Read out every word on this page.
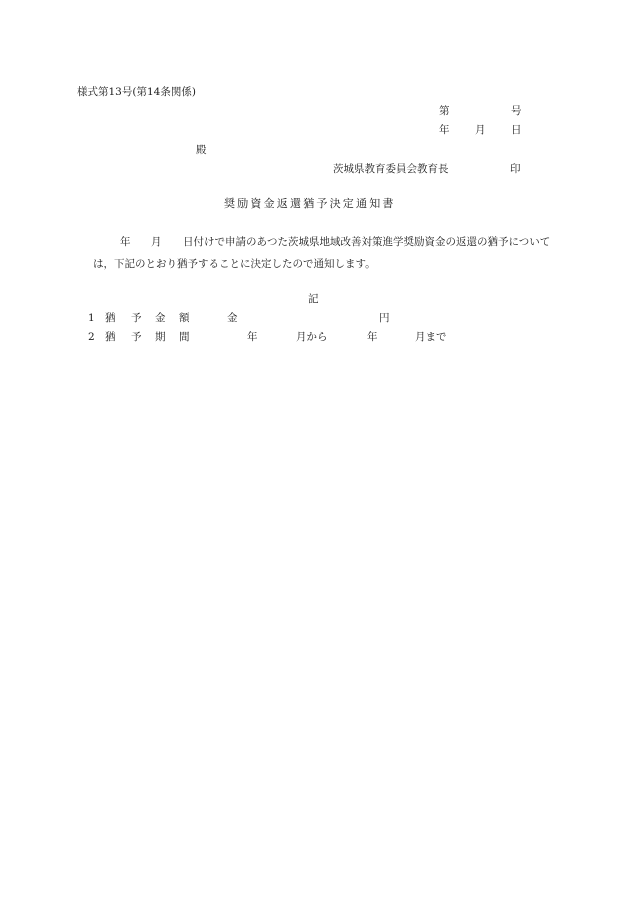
様式第13号(第14条関係)
第	号
年 月 日
殿
茨城県教育委員会教育長	印
奨励資金返還猶予決定通知書
年 月 日付けで申請のあつた茨城県地域改善対策進学奨励資金の返還の猶予について
は，下記のとおり猶予することに決定したので通知します。
記
1 猶 予 金 額	金	円
2 猶 予 期 間	年	月から	年	月まで
